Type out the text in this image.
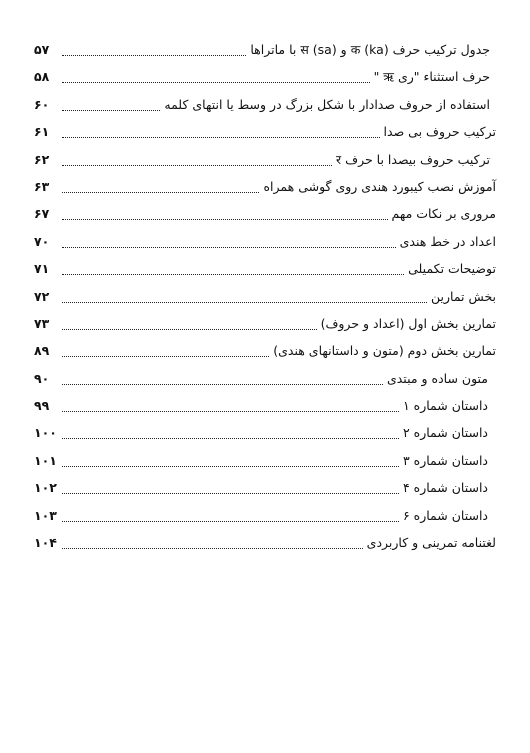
جدول ترکیب حرف क (ka) و स (sa) با ماتراها
۵۷
حرف استثناء "ری ऋ "
۵۸
استفاده از حروف صدادار با شکل بزرگ در وسط یا انتهای کلمه
۶۰
ترکیب حروف بی صدا
۶۱
ترکیب حروف بیصدا با حرف र
۶۲
آموزش نصب کیبورد هندی روی گوشی همراه
۶۳
مروری بر نکات مهم
۶۷
اعداد در خط هندی
۷۰
توضیحات تکمیلی
۷۱
بخش تمارین
۷۲
تمارین بخش اول (اعداد و حروف)
۷۳
تمارین بخش دوم (متون و داستانهای هندی)
۸۹
متون ساده و مبتدی
۹۰
داستان شماره ۱
۹۹
داستان شماره ۲
۱۰۰
داستان شماره ۳
۱۰۱
داستان شماره ۴
۱۰۲
داستان شماره ۶
۱۰۳
لغتنامه تمرینی و کاربردی
۱۰۴
